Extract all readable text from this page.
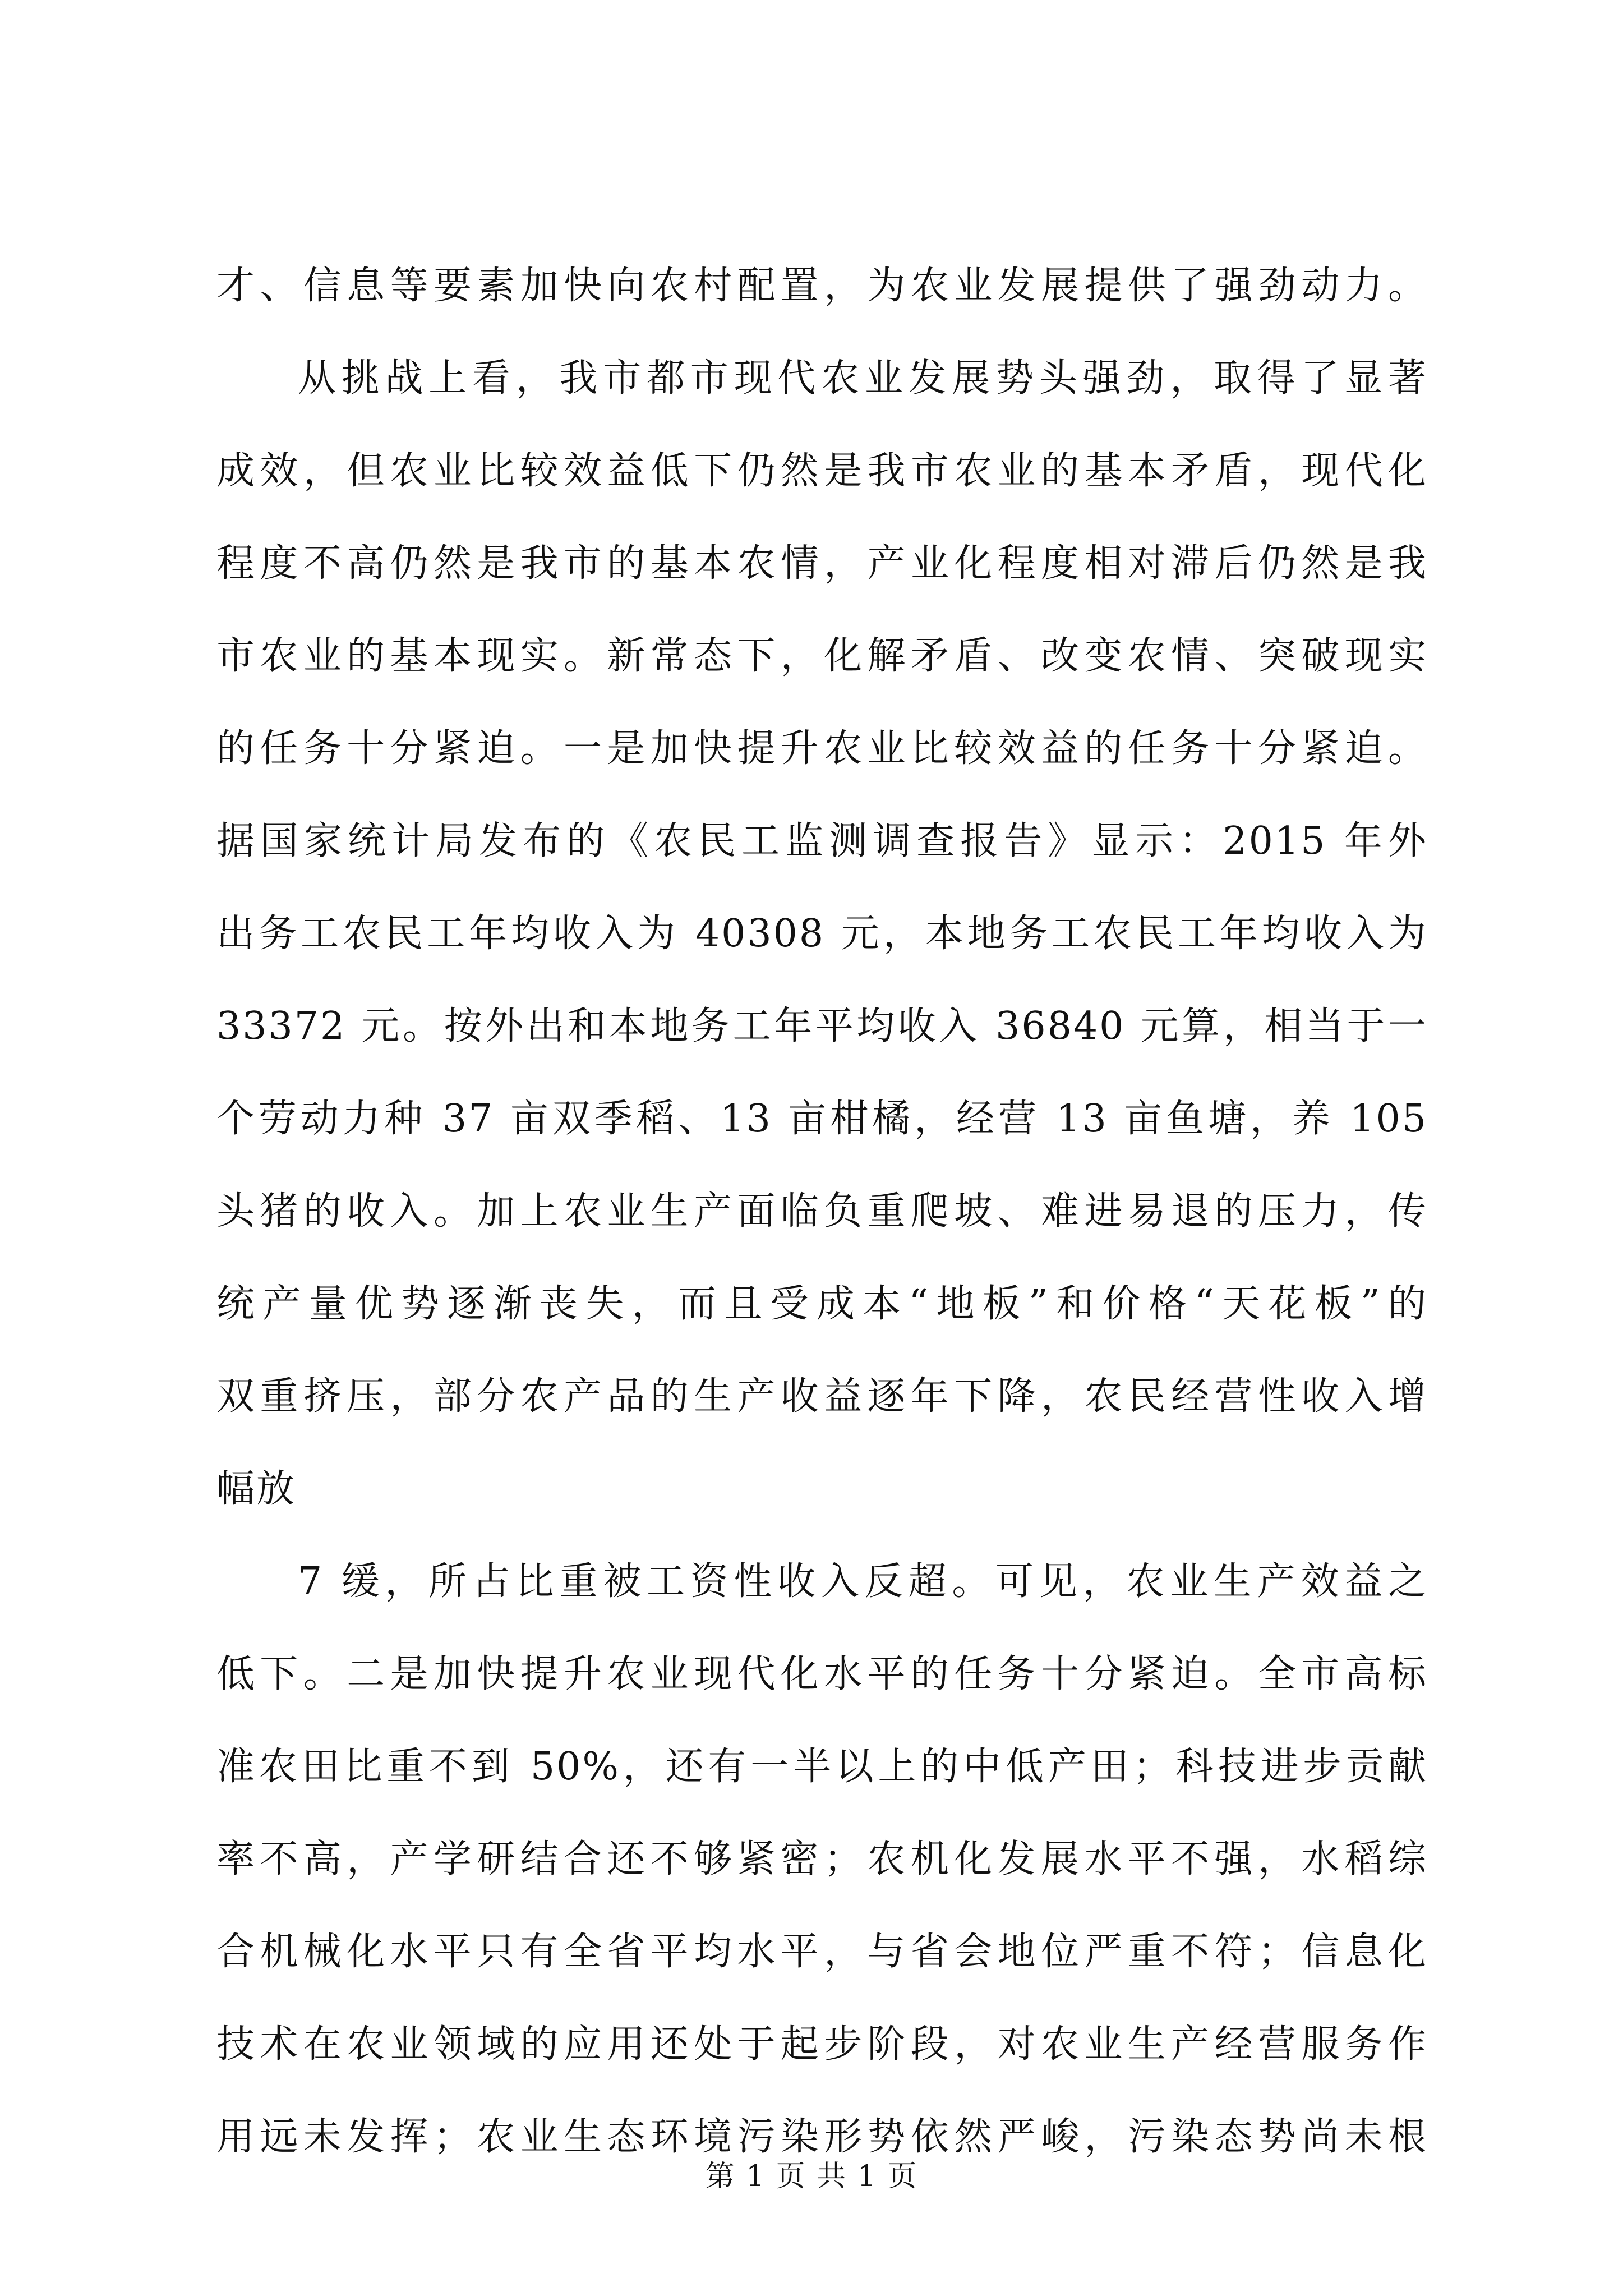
才、信息等要素加快向农村配置，为农业发展提供了强劲动力。
从挑战上看，我市都市现代农业发展势头强劲，取得了显著
成效，但农业比较效益低下仍然是我市农业的基本矛盾，现代化
程度不高仍然是我市的基本农情，产业化程度相对滞后仍然是我
市农业的基本现实。新常态下，化解矛盾、改变农情、突破现实
的任务十分紧迫。一是加快提升农业比较效益的任务十分紧迫。
据国家统计局发布的《农民工监测调查报告》显示：2015 年外
出务工农民工年均收入为 40308 元，本地务工农民工年均收入为
33372 元。按外出和本地务工年平均收入 36840 元算，相当于一
个劳动力种 37 亩双季稻、13 亩柑橘，经营 13 亩鱼塘，养 105
头猪的收入。加上农业生产面临负重爬坡、难进易退的压力，传
统产量优势逐渐丧失，而且受成本“地板”和价格“天花板”的
双重挤压，部分农产品的生产收益逐年下降，农民经营性收入增
幅放
7 缓，所占比重被工资性收入反超。可见，农业生产效益之
低下。二是加快提升农业现代化水平的任务十分紧迫。全市高标
准农田比重不到 50%，还有一半以上的中低产田；科技进步贡献
率不高，产学研结合还不够紧密；农机化发展水平不强，水稻综
合机械化水平只有全省平均水平，与省会地位严重不符；信息化
技术在农业领域的应用还处于起步阶段，对农业生产经营服务作
用远未发挥；农业生态环境污染形势依然严峻，污染态势尚未根
第 1 页 共 1 页
